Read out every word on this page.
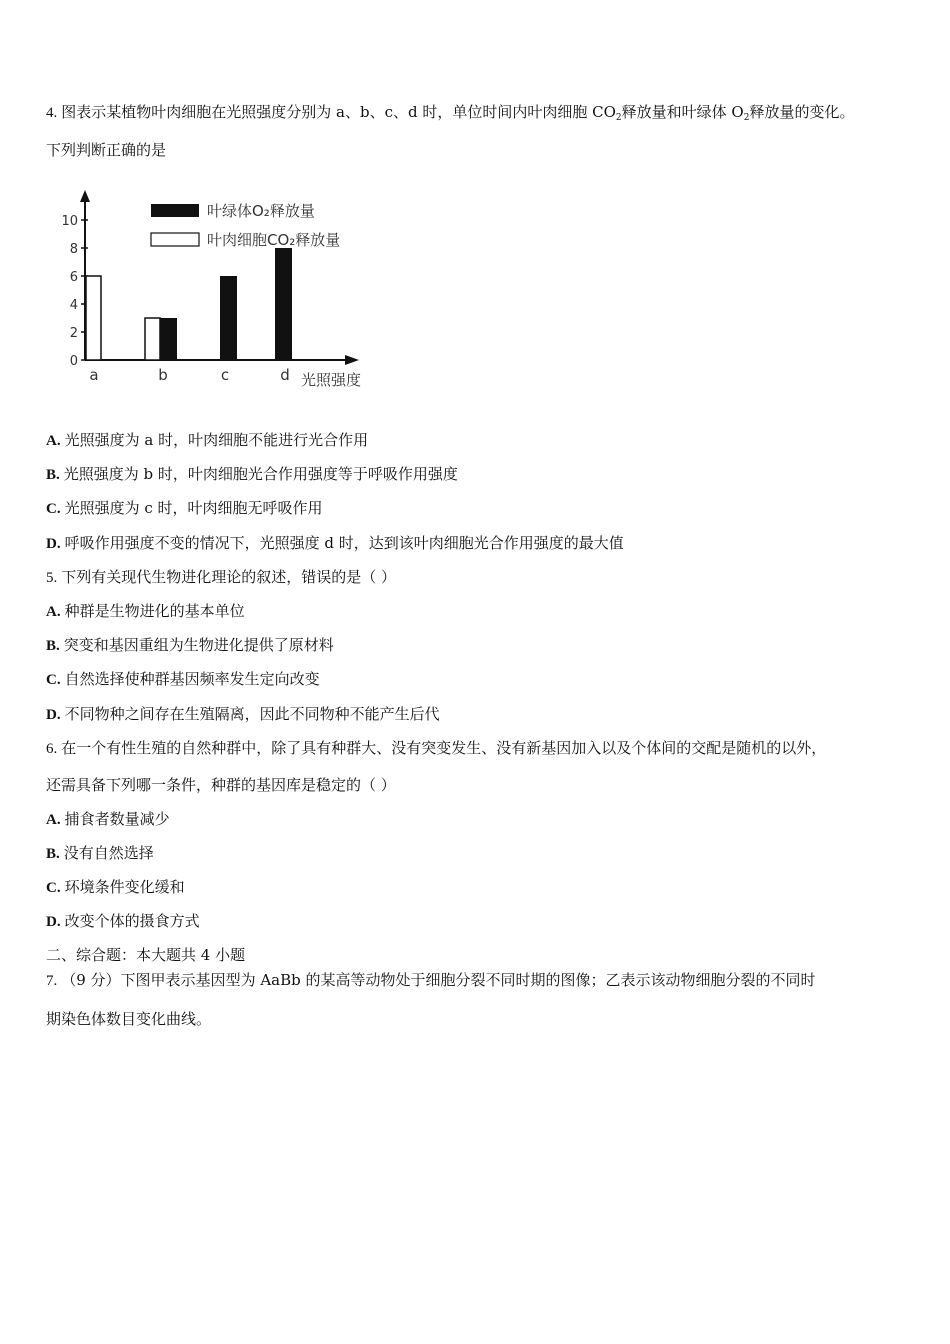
4. 图表示某植物叶肉细胞在光照强度分别为 a、b、c、d 时，单位时间内叶肉细胞 $CO_2$释放量和叶绿体 $O_2$释放量的变化。
下列判断正确的是
0
2
4
6
8
10
a	b	c	d 光照强度
叶绿体O₂释放量
叶肉细胞CO₂释放量
A. 光照强度为 a 时，叶肉细胞不能进行光合作用
B. 光照强度为 b 时，叶肉细胞光合作用强度等于呼吸作用强度
C. 光照强度为 c 时，叶肉细胞无呼吸作用
D. 呼吸作用强度不变的情况下，光照强度 d 时，达到该叶肉细胞光合作用强度的最大值
5. 下列有关现代生物进化理论的叙述，错误的是（ ）
A. 种群是生物进化的基本单位
B. 突变和基因重组为生物进化提供了原材料
C. 自然选择使种群基因频率发生定向改变
D. 不同物种之间存在生殖隔离，因此不同物种不能产生后代
6. 在一个有性生殖的自然种群中，除了具有种群大、没有突变发生、没有新基因加入以及个体间的交配是随机的以外，
还需具备下列哪一条件，种群的基因库是稳定的（ ）
A. 捕食者数量减少
B. 没有自然选择
C. 环境条件变化缓和
D. 改变个体的摄食方式
二、综合题：本大题共 4 小题
7. （9 分）下图甲表示基因型为 AaBb 的某高等动物处于细胞分裂不同时期的图像；乙表示该动物细胞分裂的不同时
期染色体数目变化曲线。
